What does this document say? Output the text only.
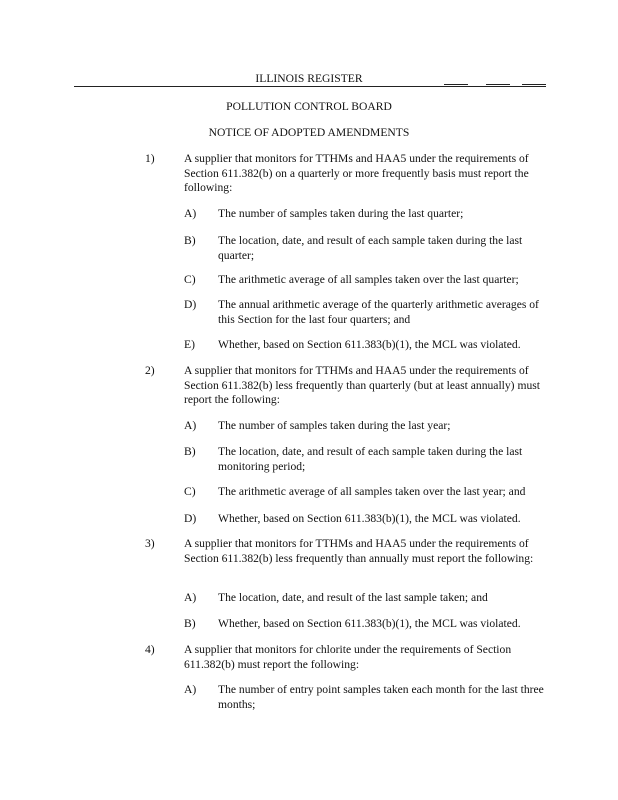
ILLINOIS REGISTER
POLLUTION CONTROL BOARD
NOTICE OF ADOPTED AMENDMENTS
1)	A supplier that monitors for TTHMs and HAA5 under the requirements of Section 611.382(b) on a quarterly or more frequently basis must report the following:
A) The number of samples taken during the last quarter;
B) The location, date, and result of each sample taken during the last quarter;
C) The arithmetic average of all samples taken over the last quarter;
D) The annual arithmetic average of the quarterly arithmetic averages of this Section for the last four quarters; and
E) Whether, based on Section 611.383(b)(1), the MCL was violated.
2)	A supplier that monitors for TTHMs and HAA5 under the requirements of Section 611.382(b) less frequently than quarterly (but at least annually) must report the following:
A) The number of samples taken during the last year;
B) The location, date, and result of each sample taken during the last monitoring period;
C) The arithmetic average of all samples taken over the last year; and
D) Whether, based on Section 611.383(b)(1), the MCL was violated.
3)	A supplier that monitors for TTHMs and HAA5 under the requirements of Section 611.382(b) less frequently than annually must report the following:
A) The location, date, and result of the last sample taken; and
B) Whether, based on Section 611.383(b)(1), the MCL was violated.
4)	A supplier that monitors for chlorite under the requirements of Section 611.382(b) must report the following:
A) The number of entry point samples taken each month for the last three months;
